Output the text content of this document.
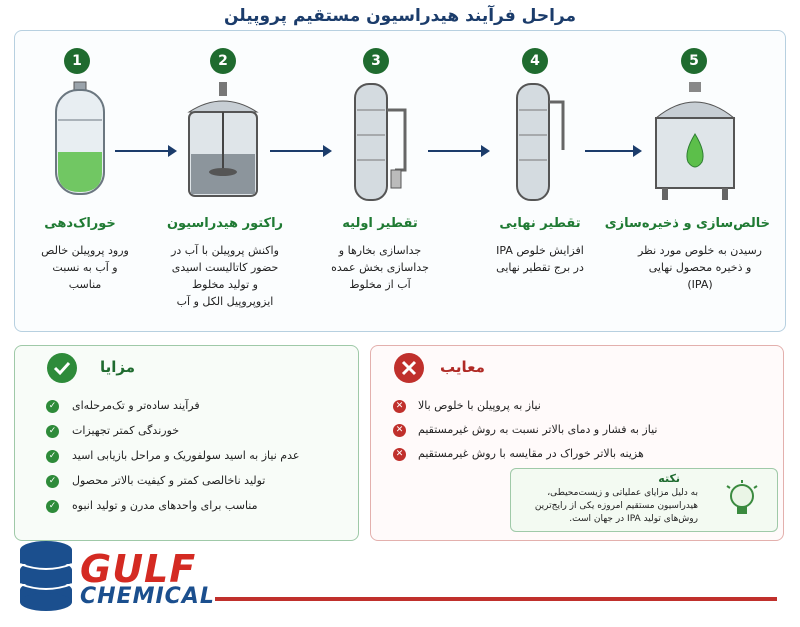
مراحل فرآیند هیدراسیون مستقیم پروپیلن
1
خوراک‌دهی
ورود پروپیلن خالص
و آب به نسبت
مناسب
2
راکتور هیدراسیون
واکنش پروپیلن با آب در
حضور کاتالیست اسیدی
و تولید مخلوط
ایزوپروپیل الکل و آب
3
تقطیر اولیه
جداسازی بخارها و
جداسازی بخش عمده
آب از مخلوط
4
تقطیر نهایی
افزایش خلوص IPA
در برج تقطیر نهایی
5
خالص‌سازی و ذخیره‌سازی
رسیدن به خلوص مورد نظر
و ذخیره محصول نهایی
(IPA)
مزایا
✓ فرآیند ساده‌تر و تک‌مرحله‌ای
✓ خورندگی کمتر تجهیزات
✓ عدم نیاز به اسید سولفوریک و مراحل بازیابی اسید
✓ تولید ناخالصی کمتر و کیفیت بالاتر محصول
✓ مناسب برای واحدهای مدرن و تولید انبوه
معایب
✕ نیاز به پروپیلن با خلوص بالا
✕ نیاز به فشار و دمای بالاتر نسبت به روش غیرمستقیم
✕ هزینه بالاتر خوراک در مقایسه با روش غیرمستقیم
نکته
به دلیل مزایای عملیاتی و زیست‌محیطی، هیدراسیون مستقیم امروزه یکی از رایج‌ترین روش‌های تولید IPA در جهان است.
GULF
CHEMICAL
